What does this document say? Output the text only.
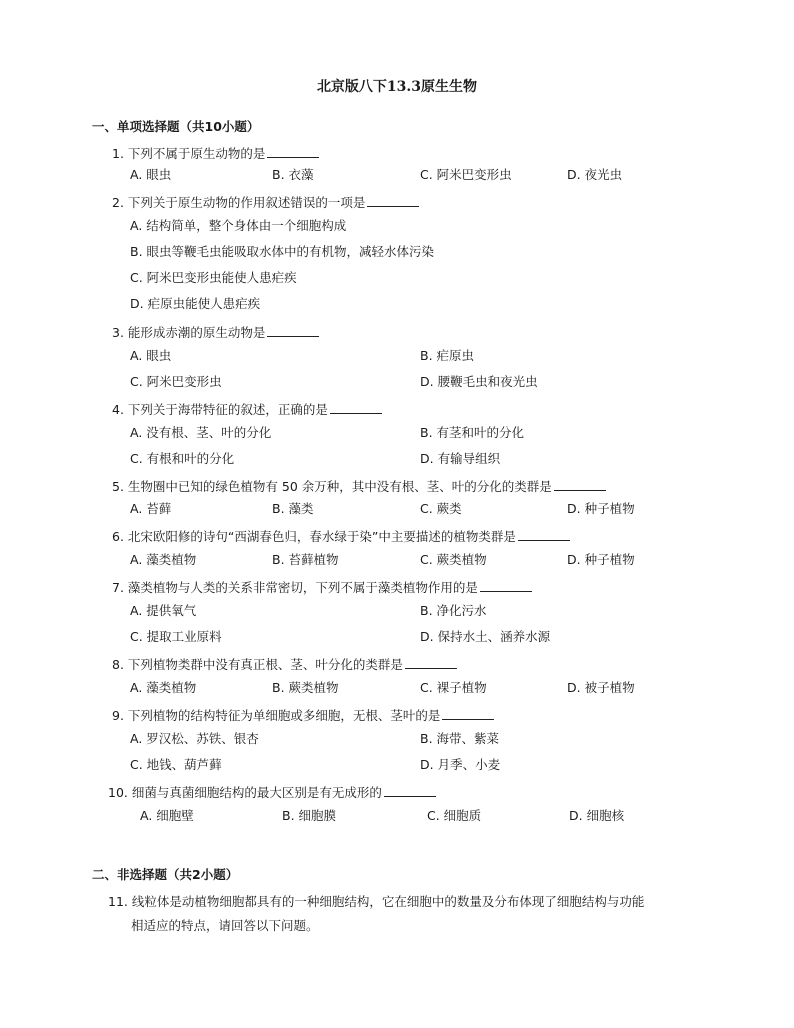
北京版八下13.3原生生物
一、单项选择题（共10小题）
1. 下列不属于原生动物的是
A. 眼虫	B. 衣藻	C. 阿米巴变形虫	D. 夜光虫
2. 下列关于原生动物的作用叙述错误的一项是
A. 结构简单，整个身体由一个细胞构成
B. 眼虫等鞭毛虫能吸取水体中的有机物，减轻水体污染
C. 阿米巴变形虫能使人患疟疾
D. 疟原虫能使人患疟疾
3. 能形成赤潮的原生动物是
A. 眼虫	B. 疟原虫
C. 阿米巴变形虫	D. 腰鞭毛虫和夜光虫
4. 下列关于海带特征的叙述，正确的是
A. 没有根、茎、叶的分化	B. 有茎和叶的分化
C. 有根和叶的分化	D. 有输导组织
5. 生物圈中已知的绿色植物有 50 余万种，其中没有根、茎、叶的分化的类群是
A. 苔藓	B. 藻类	C. 蕨类	D. 种子植物
6. 北宋欧阳修的诗句“西湖春色归，春水绿于染”中主要描述的植物类群是
A. 藻类植物	B. 苔藓植物	C. 蕨类植物	D. 种子植物
7. 藻类植物与人类的关系非常密切，下列不属于藻类植物作用的是
A. 提供氧气	B. 净化污水
C. 提取工业原料	D. 保持水土、涵养水源
8. 下列植物类群中没有真正根、茎、叶分化的类群是
A. 藻类植物	B. 蕨类植物	C. 裸子植物	D. 被子植物
9. 下列植物的结构特征为单细胞或多细胞，无根、茎叶的是
A. 罗汉松、苏铁、银杏	B. 海带、紫菜
C. 地钱、葫芦藓	D. 月季、小麦
10. 细菌与真菌细胞结构的最大区别是有无成形的
A. 细胞壁	B. 细胞膜	C. 细胞质	D. 细胞核
二、非选择题（共2小题）
11. 线粒体是动植物细胞都具有的一种细胞结构，它在细胞中的数量及分布体现了细胞结构与功能
相适应的特点，请回答以下问题。
